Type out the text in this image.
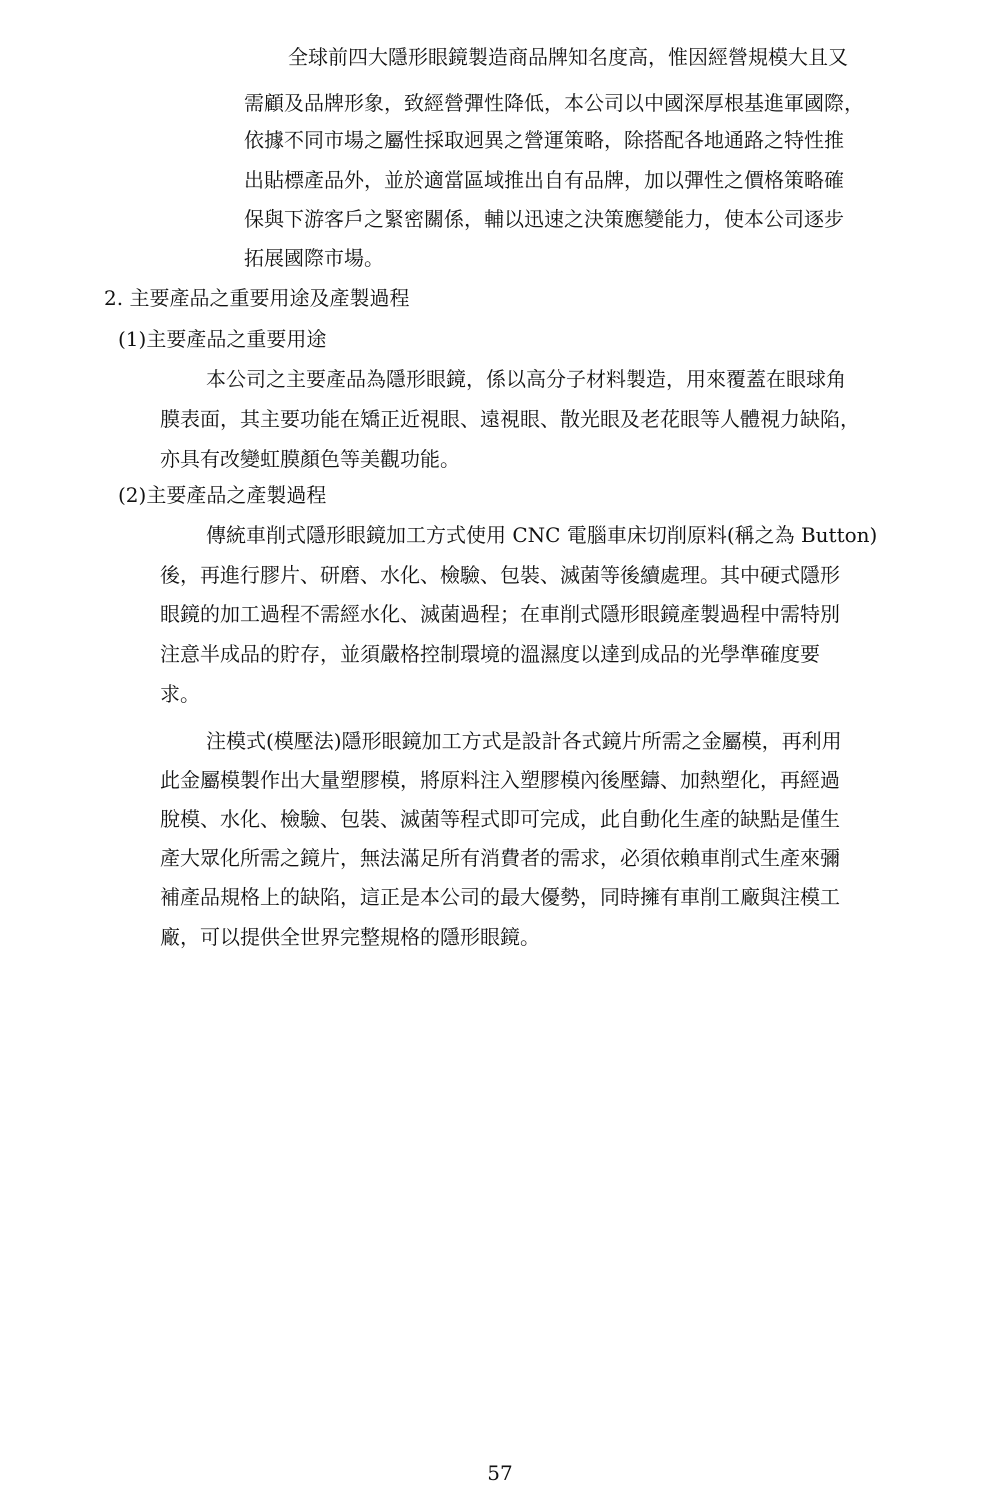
全球前四大隱形眼鏡製造商品牌知名度高，惟因經營規模大且又
需顧及品牌形象，致經營彈性降低，本公司以中國深厚根基進軍國際，
依據不同市場之屬性採取迥異之營運策略，除搭配各地通路之特性推
出貼標產品外，並於適當區域推出自有品牌，加以彈性之價格策略確
保與下游客戶之緊密關係，輔以迅速之決策應變能力，使本公司逐步
拓展國際市場。
2. 主要產品之重要用途及產製過程
(1)主要產品之重要用途
本公司之主要產品為隱形眼鏡，係以高分子材料製造，用來覆蓋在眼球角
膜表面，其主要功能在矯正近視眼、遠視眼、散光眼及老花眼等人體視力缺陷，
亦具有改變虹膜顏色等美觀功能。
(2)主要產品之產製過程
傳統車削式隱形眼鏡加工方式使用 CNC 電腦車床切削原料(稱之為 Button)
後，再進行膠片、研磨、水化、檢驗、包裝、滅菌等後續處理。其中硬式隱形
眼鏡的加工過程不需經水化、滅菌過程；在車削式隱形眼鏡產製過程中需特別
注意半成品的貯存，並須嚴格控制環境的溫濕度以達到成品的光學準確度要
求。
注模式(模壓法)隱形眼鏡加工方式是設計各式鏡片所需之金屬模，再利用
此金屬模製作出大量塑膠模，將原料注入塑膠模內後壓鑄、加熱塑化，再經過
脫模、水化、檢驗、包裝、滅菌等程式即可完成，此自動化生產的缺點是僅生
產大眾化所需之鏡片，無法滿足所有消費者的需求，必須依賴車削式生產來彌
補產品規格上的缺陷，這正是本公司的最大優勢，同時擁有車削工廠與注模工
廠，可以提供全世界完整規格的隱形眼鏡。
57
